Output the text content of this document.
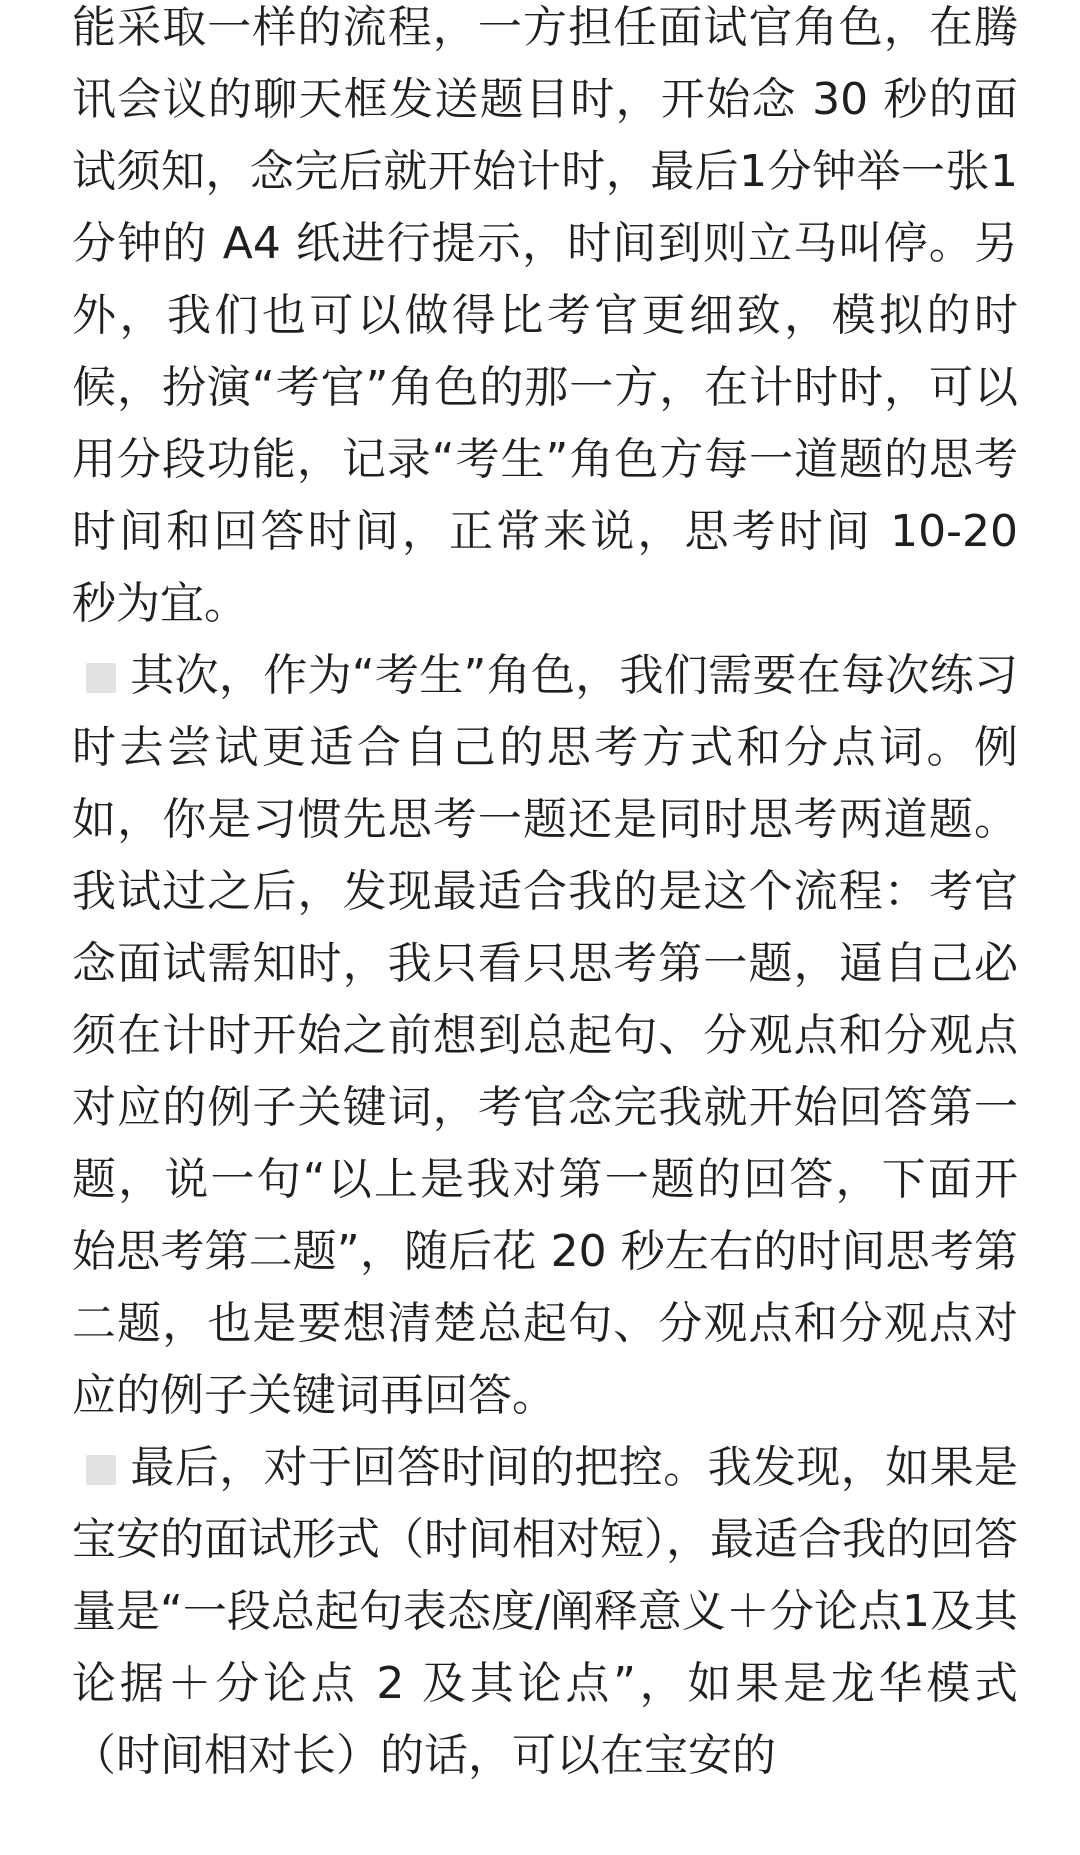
能采取一样的流程，一方担任面试官角色，在腾讯会议的聊天框发送题目时，开始念 30 秒的面试须知，念完后就开始计时，最后1分钟举一张1分钟的 A4 纸进行提示，时间到则立马叫停。另外，我们也可以做得比考官更细致，模拟的时候，扮演“考官”角色的那一方，在计时时，可以用分段功能，记录“考生”角色方每一道题的思考时间和回答时间，正常来说，思考时间 10-20 秒为宜。

其次，作为“考生”角色，我们需要在每次练习时去尝试更适合自己的思考方式和分点词。例如，你是习惯先思考一题还是同时思考两道题。我试过之后，发现最适合我的是这个流程：考官念面试需知时，我只看只思考第一题，逼自己必须在计时开始之前想到总起句、分观点和分观点对应的例子关键词，考官念完我就开始回答第一题，说一句“以上是我对第一题的回答，下面开始思考第二题”，随后花 20 秒左右的时间思考第二题，也是要想清楚总起句、分观点和分观点对应的例子关键词再回答。

最后，对于回答时间的把控。我发现，如果是宝安的面试形式（时间相对短），最适合我的回答量是“一段总起句表态度/阐释意义＋分论点1及其论据＋分论点 2 及其论点”，如果是龙华模式（时间相对长）的话，可以在宝安的
